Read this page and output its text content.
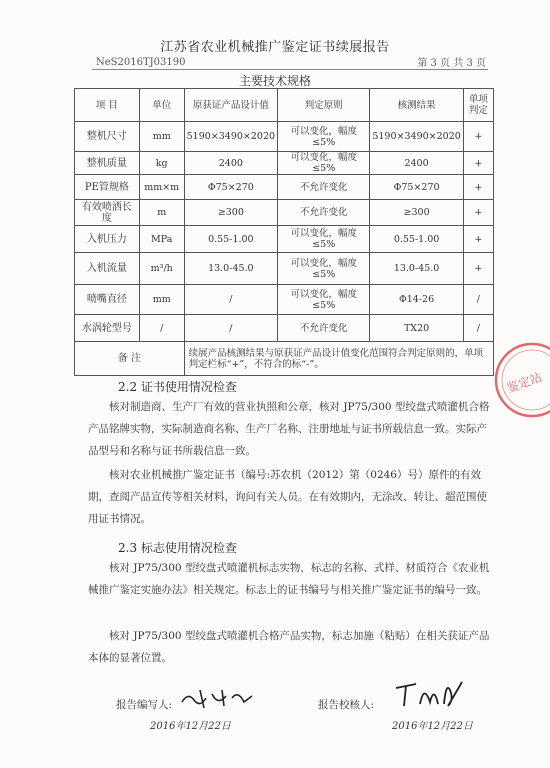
江苏省农业机械推广鉴定证书续展报告
NeS2016TJ03190	第 3 页 共 3 页
主要技术规格
项 目	单位	原获证产品设计值	判定原则	核测结果	单项判定
整机尺寸	mm	5190×3490×2020	可以变化，幅度≤5%	5190×3490×2020	+
整机质量	kg	2400	可以变化，幅度≤5%	2400	+
PE管规格	mm×m	Φ75×270	不允许变化	Φ75×270	+
有效喷洒长度	m	≥300	不允许变化	≥300	+
入机压力	MPa	0.55-1.00	可以变化，幅度≤5%	0.55-1.00	+
入机流量	m³/h	13.0-45.0	可以变化，幅度≤5%	13.0-45.0	+
喷嘴直径	mm	/	可以变化，幅度≤5%	Φ14-26	/
水涡轮型号	/	/	不允许变化	TX20	/
备 注		续展产品核测结果与原获证产品设计值变化范围符合判定原则的，单项判定栏标“+”，不符合的标“-”。			
2.2 证书使用情况检查
核对制造商、生产厂有效的营业执照和公章，核对 JP75/300 型绞盘式喷灌机合格产品铭牌实物，实际制造商名称、生产厂名称、注册地址与证书所载信息一致。实际产品型号和名称与证书所载信息一致。
核对农业机械推广鉴定证书（编号:苏农机（2012）第（0246）号）原件的有效期，查阅产品宣传等相关材料，询问有关人员。在有效期内，无涂改、转让、超范围使用证书情况。
2.3 标志使用情况检查
核对 JP75/300 型绞盘式喷灌机标志实物，标志的名称、式样、材质符合《农业机械推广鉴定实施办法》相关规定。标志上的证书编号与相关推广鉴定证书的编号一致。
核对 JP75/300 型绞盘式喷灌机合格产品实物，标志加施（粘贴）在相关获证产品本体的显著位置。
报告编写人:
2016年12月22日
报告校核人:
2016年12月22日
鉴定站
